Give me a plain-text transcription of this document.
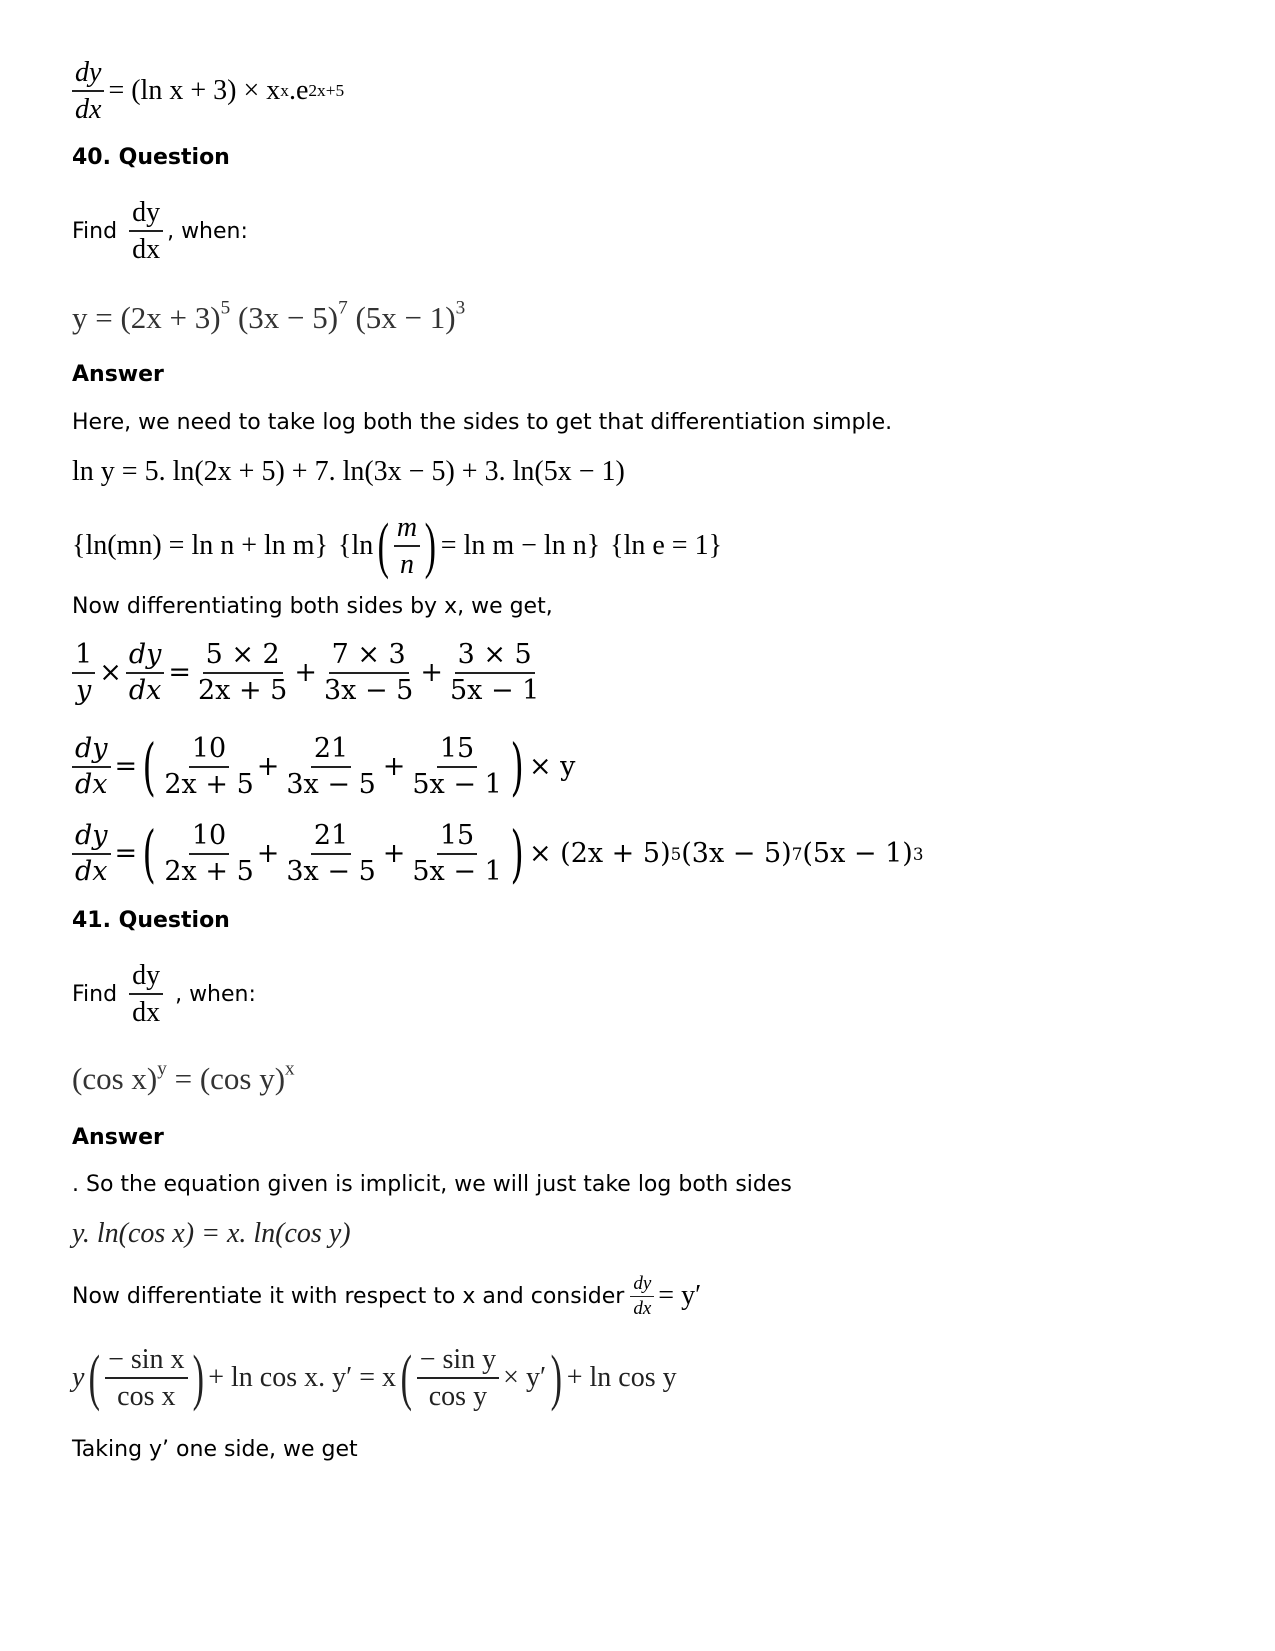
$\frac{dy}{dx} = (\ln$ x + 3) × x x .e 2x+5
40. Question
Find $\frac{dy}{dx}$ , when:
$y = (2x + 3)^5$ $(3x - 5)^7$ $(5x - 1)^3$
Answer
Here, we need to take log both the sides to get that differentiation simple.
ln y = 5. ln(2x + 5) + 7. ln(3x − 5) + 3. ln(5x − 1)
{ln(mn) = ln n + ln m} {ln ( $\frac{m}{n}$ ) = ln m − ln n} {ln e = 1}
Now differentiating both sides by x, we get,
$\frac{1}{y} \times \frac{dy}{dx} = \frac{5 \times 2}{2x + 5} + \frac{7 \times 3}{3x - 5} + \frac{3 \times 5}{5x - 1}$
$\frac{dy}{dx}$ = ( $\frac{10}{2x + 5} + \frac{21}{3x - 5} + \frac{15}{5x - 1}$ ) × y
$\frac{dy}{dx}$ = ( $\frac{10}{2x + 5} + \frac{21}{3x - 5} + \frac{15}{5x - 1}$ ) × (2x + 5) 5 (3x − 5) 7 (5x − 1) 3
41. Question
Find $\frac{dy}{dx}$ , when:
(cos x)$^y$ = (cos y)$^x$
Answer
. So the equation given is implicit, we will just take log both sides
y. ln(cos x) = x. ln(cos y)
Now differentiate it with respect to x and consider $\frac{dy}{dx} = y'$
y ( $\frac{\text{− sin x}}{\text{cos x}}$ ) + ln cos x. y′ = x ( $\frac{\text{− sin y}}{\text{cos y}} \times y'$ ) + ln cos y
Taking y’ one side, we get
